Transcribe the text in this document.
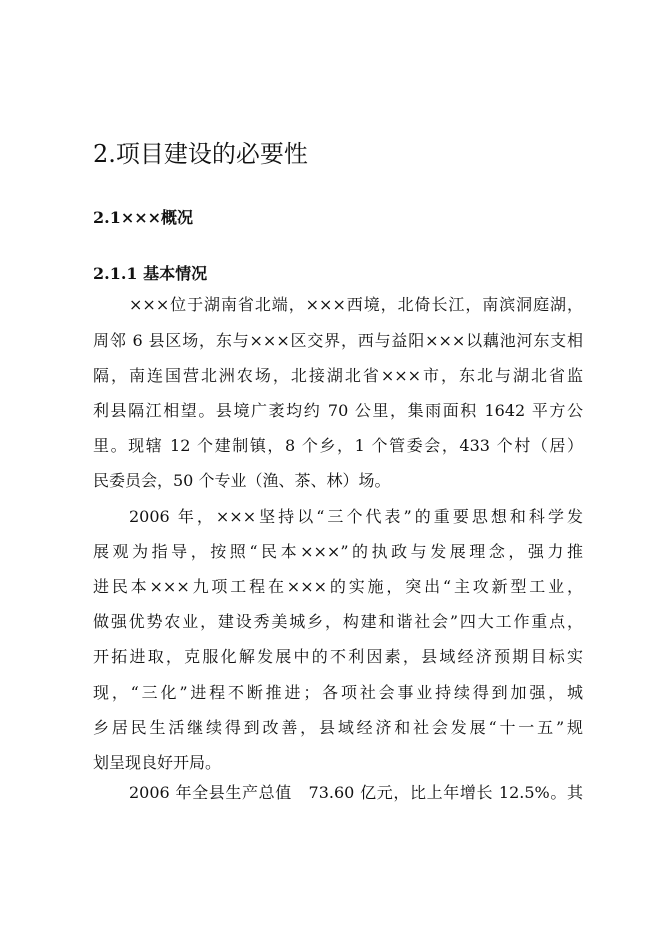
2.项目建设的必要性
2.1×××概况
2.1.1 基本情况
×××位于湖南省北端，×××西境，北倚长江，南滨洞庭湖，
周邻 6 县区场，东与×××区交界，西与益阳×××以藕池河东支相
隔，南连国营北洲农场，北接湖北省×××市，东北与湖北省监
利县隔江相望。县境广袤均约 70 公里，集雨面积 1642 平方公
里。现辖 12 个建制镇，8 个乡，1 个管委会，433 个村（居）
民委员会，50 个专业（渔、茶、林）场。
2006 年，×××坚持以“三个代表”的重要思想和科学发
展观为指导，按照“民本×××”的执政与发展理念，强力推
进民本×××九项工程在×××的实施，突出“主攻新型工业，
做强优势农业，建设秀美城乡，构建和谐社会”四大工作重点，
开拓进取，克服化解发展中的不利因素，县域经济预期目标实
现，“三化”进程不断推进；各项社会事业持续得到加强，城
乡居民生活继续得到改善，县域经济和社会发展“十一五”规
划呈现良好开局。
2006 年全县生产总值　73.60 亿元，比上年增长 12.5%。其
